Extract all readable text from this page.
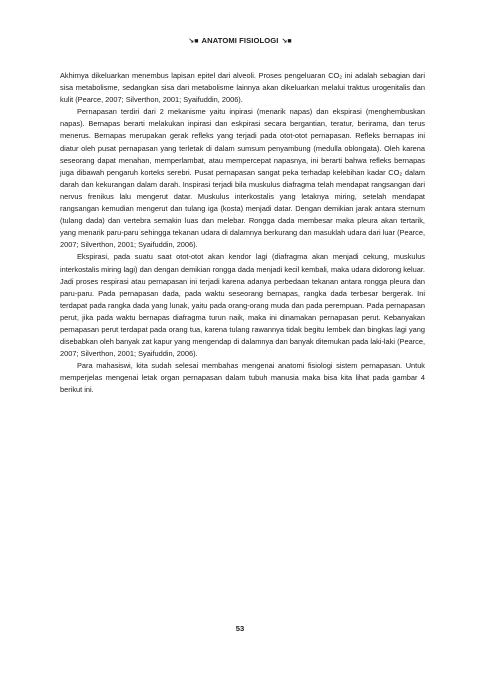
↘■ ANATOMI FISIOLOGI ↘■

Akhirnya dikeluarkan menembus lapisan epitel dari alveoli. Proses pengeluaran CO₂ ini adalah sebagian dari sisa metabolisme, sedangkan sisa dari metabolisme lainnya akan dikeluarkan melalui traktus urogenitalis dan kulit (Pearce, 2007; Silverthon, 2001; Syaifuddin, 2006).

Pernapasan terdiri dari 2 mekanisme yaitu inpirasi (menarik napas) dan ekspirasi (menghembuskan napas). Bernapas berarti melakukan inpirasi dan eskpirasi secara bergantian, teratur, berirama, dan terus menerus. Bernapas merupakan gerak refleks yang terjadi pada otot-otot pernapasan. Refleks bernapas ini diatur oleh pusat pernapasan yang terletak di dalam sumsum penyambung (medulla oblongata). Oleh karena seseorang dapat menahan, memperlambat, atau mempercepat napasnya, ini berarti bahwa refleks bernapas juga dibawah pengaruh korteks serebri. Pusat pernapasan sangat peka terhadap kelebihan kadar CO₂ dalam darah dan kekurangan dalam darah. Inspirasi terjadi bila muskulus diafragma telah mendapat rangsangan dari nervus frenikus lalu mengerut datar. Muskulus interkostalis yang letaknya miring, setelah mendapat rangsangan kemudian mengerut dan tulang iga (kosta) menjadi datar. Dengan demikian jarak antara sternum (tulang dada) dan vertebra semakin luas dan melebar. Rongga dada membesar maka pleura akan tertarik, yang menarik paru-paru sehingga tekanan udara di dalamnya berkurang dan masuklah udara dari luar (Pearce, 2007; Silverthon, 2001; Syaifuddin, 2006).

Ekspirasi, pada suatu saat otot-otot akan kendor lagi (diafragma akan menjadi cekung, muskulus interkostalis miring lagi) dan dengan demikian rongga dada menjadi kecil kembali, maka udara didorong keluar. Jadi proses respirasi atau pernapasan ini terjadi karena adanya perbedaan tekanan antara rongga pleura dan paru-paru. Pada pernapasan dada, pada waktu seseorang bernapas, rangka dada terbesar bergerak. Ini terdapat pada rangka dada yang lunak, yaitu pada orang-orang muda dan pada perempuan. Pada pernapasan perut, jika pada waktu bernapas diafragma turun naik, maka ini dinamakan pernapasan perut. Kebanyakan pernapasan perut terdapat pada orang tua, karena tulang rawannya tidak begitu lembek dan bingkas lagi yang disebabkan oleh banyak zat kapur yang mengendap di dalamnya dan banyak ditemukan pada laki-laki (Pearce, 2007; Silverthon, 2001; Syaifuddin, 2006).

Para mahasiswi, kita sudah selesai membahas mengenai anatomi fisiologi sistem pernapasan. Untuk memperjelas mengenai letak organ pernapasan dalam tubuh manusia maka bisa kita lihat pada gambar 4 berikut ini.

53
